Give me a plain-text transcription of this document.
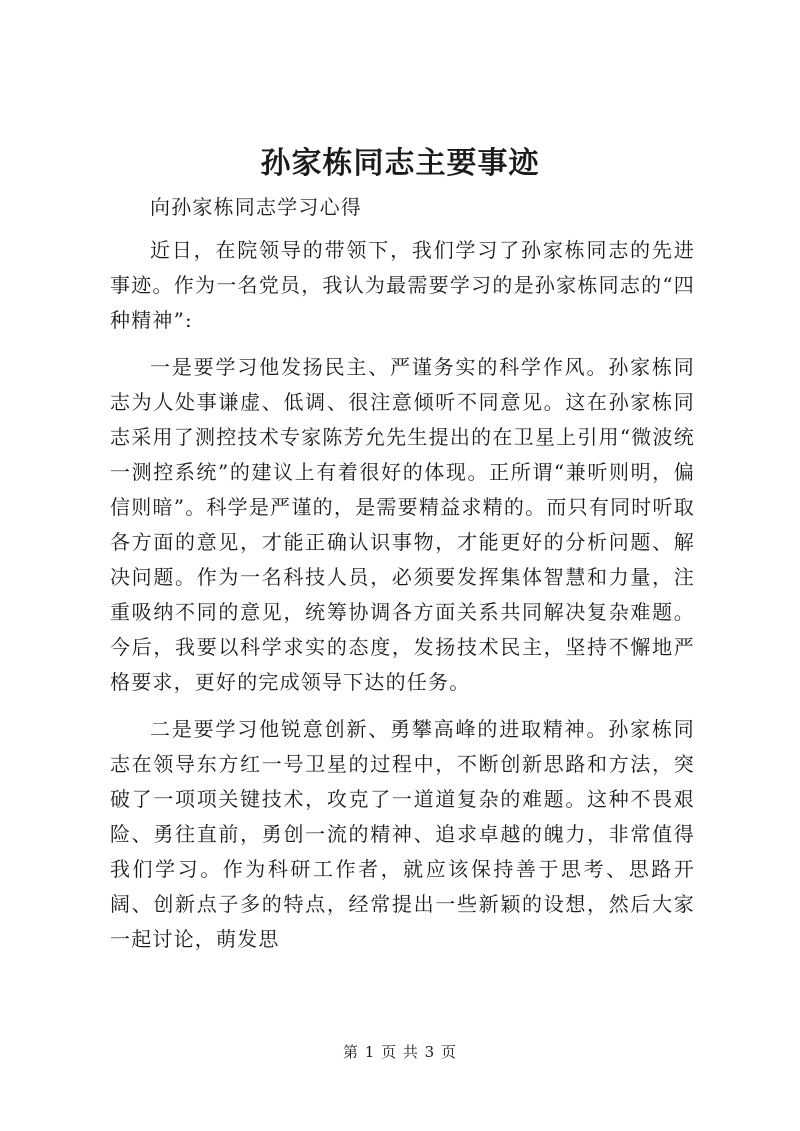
孙家栋同志主要事迹

向孙家栋同志学习心得

近日，在院领导的带领下，我们学习了孙家栋同志的先进事迹。作为一名党员，我认为最需要学习的是孙家栋同志的“四种精神”:

一是要学习他发扬民主、严谨务实的科学作风。孙家栋同志为人处事谦虚、低调、很注意倾听不同意见。这在孙家栋同志采用了测控技术专家陈芳允先生提出的在卫星上引用“微波统一测控系统”的建议上有着很好的体现。正所谓“兼听则明，偏信则暗”。科学是严谨的，是需要精益求精的。而只有同时听取各方面的意见，才能正确认识事物，才能更好的分析问题、解决问题。作为一名科技人员，必须要发挥集体智慧和力量，注重吸纳不同的意见，统筹协调各方面关系共同解决复杂难题。今后，我要以科学求实的态度，发扬技术民主，坚持不懈地严格要求，更好的完成领导下达的任务。

二是要学习他锐意创新、勇攀高峰的进取精神。孙家栋同志在领导东方红一号卫星的过程中，不断创新思路和方法，突破了一项项关键技术，攻克了一道道复杂的难题。这种不畏艰险、勇往直前，勇创一流的精神、追求卓越的魄力，非常值得我们学习。作为科研工作者，就应该保持善于思考、思路开阔、创新点子多的特点，经常提出一些新颖的设想，然后大家一起讨论，萌发思

第 1 页 共 3 页
